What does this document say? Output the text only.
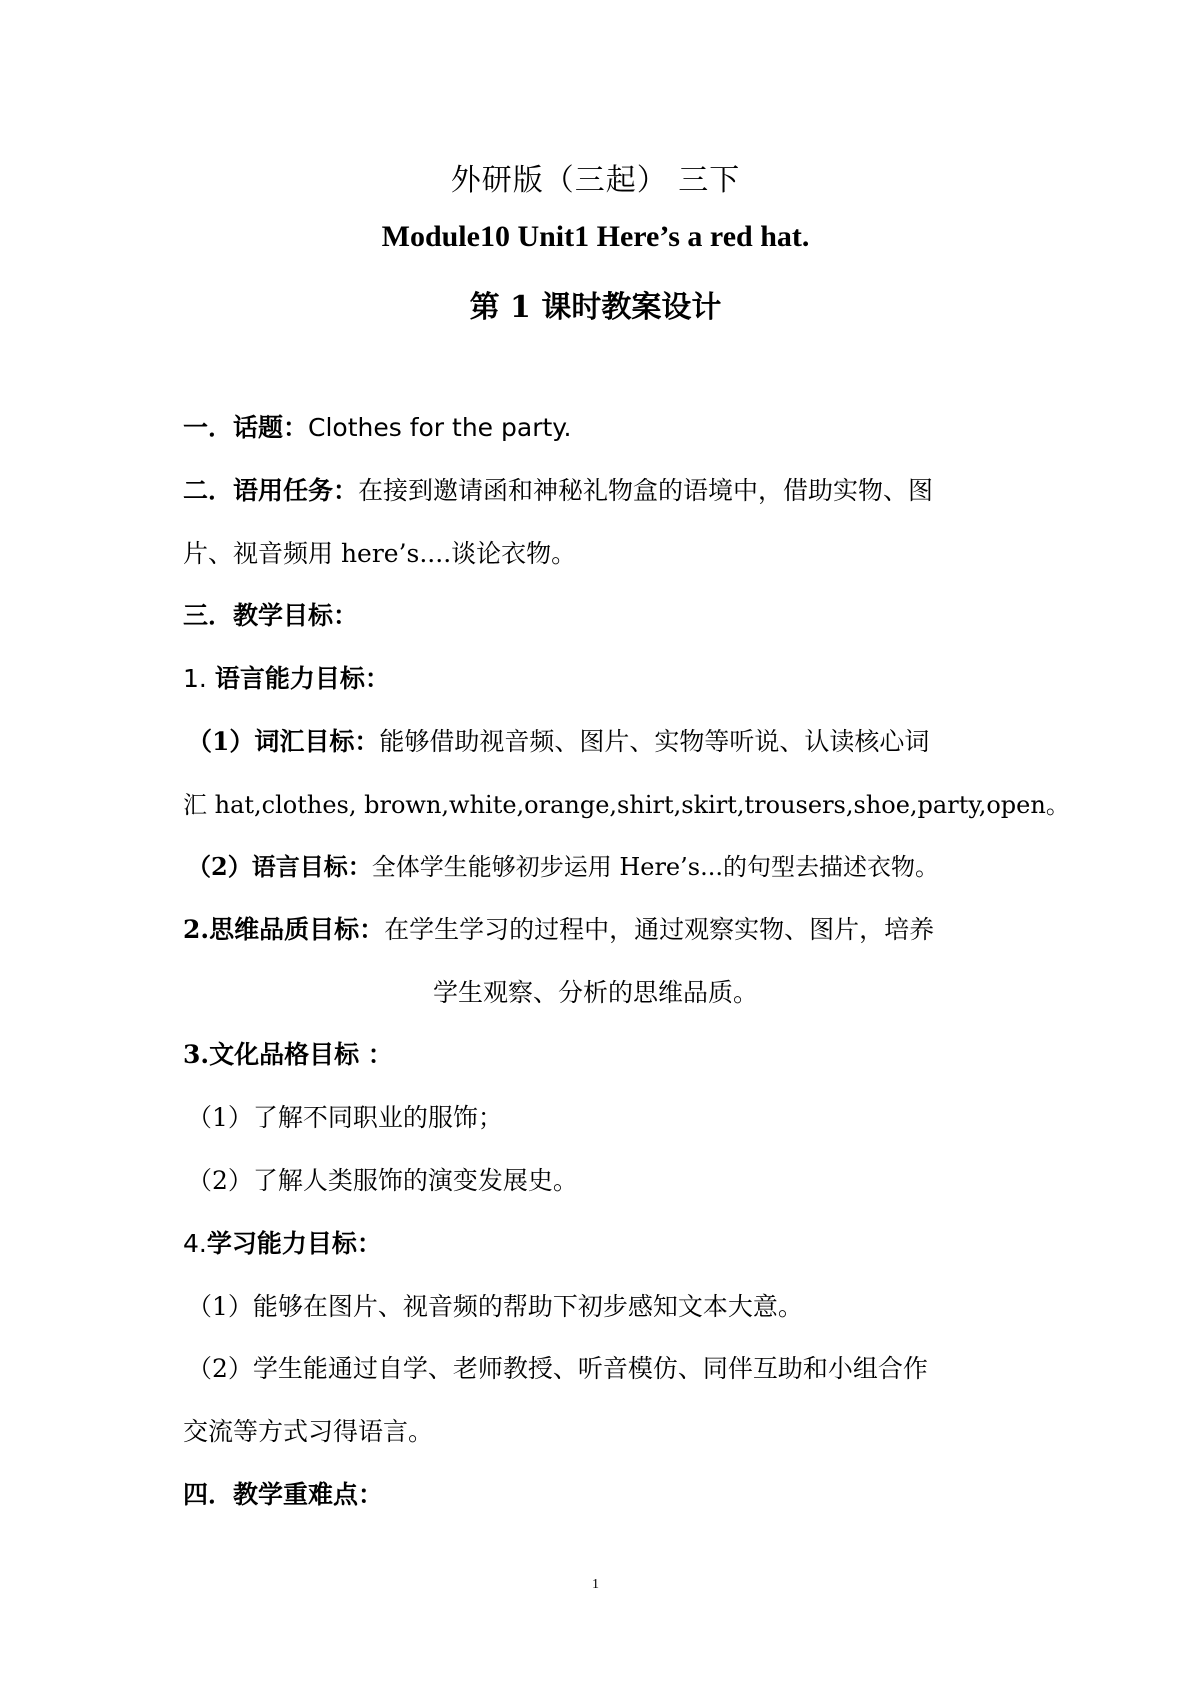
外研版（三起） 三下
Module10 Unit1 Here’s a red hat.
第 1 课时教案设计
一．话题：Clothes for the party.
二．语用任务：在接到邀请函和神秘礼物盒的语境中，借助实物、图
片、视音频用 here’s....谈论衣物。
三．教学目标：
1. 语言能力目标：
（1）词汇目标：能够借助视音频、图片、实物等听说、认读核心词
汇 hat,clothes, brown,white,orange,shirt,skirt,trousers,shoe,party,open。
（2）语言目标：全体学生能够初步运用 Here’s...的句型去描述衣物。
2.思维品质目标：在学生学习的过程中，通过观察实物、图片，培养
学生观察、分析的思维品质。
3.文化品格目标 ：
（1）了解不同职业的服饰；
（2）了解人类服饰的演变发展史。
4.学习能力目标：
（1）能够在图片、视音频的帮助下初步感知文本大意。
（2）学生能通过自学、老师教授、听音模仿、同伴互助和小组合作
交流等方式习得语言。
四．教学重难点：
1
